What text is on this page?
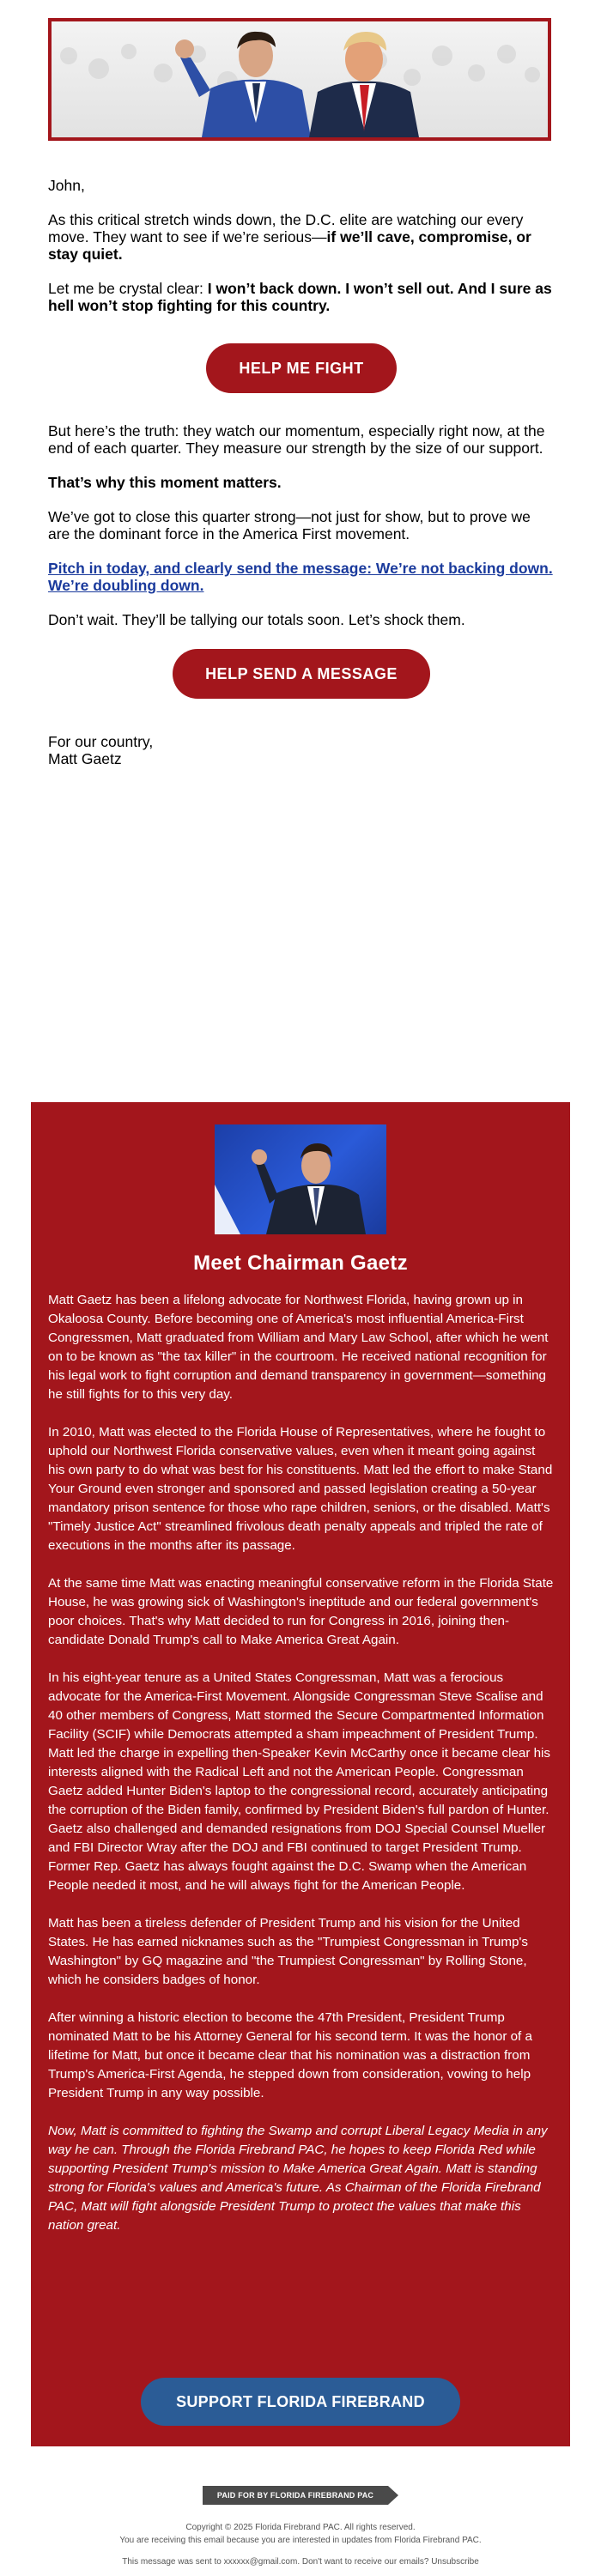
John,

As this critical stretch winds down, the D.C. elite are watching our every move. They want to see if we’re serious—if we’ll cave, compromise, or stay quiet.

Let me be crystal clear: I won’t back down. I won’t sell out. And I sure as hell won’t stop fighting for this country.

HELP ME FIGHT

But here’s the truth: they watch our momentum, especially right now, at the end of each quarter. They measure our strength by the size of our support.

That’s why this moment matters.

We’ve got to close this quarter strong—not just for show, but to prove we are the dominant force in the America First movement.

Pitch in today, and clearly send the message: We’re not backing down. We’re doubling down.

Don’t wait. They’ll be tallying our totals soon. Let’s shock them.

HELP SEND A MESSAGE
For our country,
Matt Gaetz
Meet Chairman Gaetz

Matt Gaetz has been a lifelong advocate for Northwest Florida, having grown up in Okaloosa County. Before becoming one of America's most influential America-First Congressmen, Matt graduated from William and Mary Law School, after which he went on to be known as "the tax killer" in the courtroom. He received national recognition for his legal work to fight corruption and demand transparency in government—something he still fights for to this very day.

In 2010, Matt was elected to the Florida House of Representatives, where he fought to uphold our Northwest Florida conservative values, even when it meant going against his own party to do what was best for his constituents. Matt led the effort to make Stand Your Ground even stronger and sponsored and passed legislation creating a 50-year mandatory prison sentence for those who rape children, seniors, or the disabled. Matt's "Timely Justice Act" streamlined frivolous death penalty appeals and tripled the rate of executions in the months after its passage.

At the same time Matt was enacting meaningful conservative reform in the Florida State House, he was growing sick of Washington's ineptitude and our federal government's poor choices. That's why Matt decided to run for Congress in 2016, joining then-candidate Donald Trump's call to Make America Great Again.

In his eight-year tenure as a United States Congressman, Matt was a ferocious advocate for the America-First Movement. Alongside Congressman Steve Scalise and 40 other members of Congress, Matt stormed the Secure Compartmented Information Facility (SCIF) while Democrats attempted a sham impeachment of President Trump. Matt led the charge in expelling then-Speaker Kevin McCarthy once it became clear his interests aligned with the Radical Left and not the American People. Congressman Gaetz added Hunter Biden's laptop to the congressional record, accurately anticipating the corruption of the Biden family, confirmed by President Biden's full pardon of Hunter. Gaetz also challenged and demanded resignations from DOJ Special Counsel Mueller and FBI Director Wray after the DOJ and FBI continued to target President Trump. Former Rep. Gaetz has always fought against the D.C. Swamp when the American People needed it most, and he will always fight for the American People.

Matt has been a tireless defender of President Trump and his vision for the United States. He has earned nicknames such as the "Trumpiest Congressman in Trump's Washington" by GQ magazine and "the Trumpiest Congressman" by Rolling Stone, which he considers badges of honor.

After winning a historic election to become the 47th President, President Trump nominated Matt to be his Attorney General for his second term. It was the honor of a lifetime for Matt, but once it became clear that his nomination was a distraction from Trump's America-First Agenda, he stepped down from consideration, vowing to help President Trump in any way possible.

Now, Matt is committed to fighting the Swamp and corrupt Liberal Legacy Media in any way he can. Through the Florida Firebrand PAC, he hopes to keep Florida Red while supporting President Trump's mission to Make America Great Again. Matt is standing strong for Florida's values and America's future. As Chairman of the Florida Firebrand PAC, Matt will fight alongside President Trump to protect the values that make this nation great.

SUPPORT FLORIDA FIREBRAND
PAID FOR BY FLORIDA FIREBRAND PAC
Copyright © 2025 Florida Firebrand PAC. All rights reserved.
You are receiving this email because you are interested in updates from Florida Firebrand PAC.
This message was sent to xxxxxx@gmail.com. Don't want to receive our emails? Unsubscribe
